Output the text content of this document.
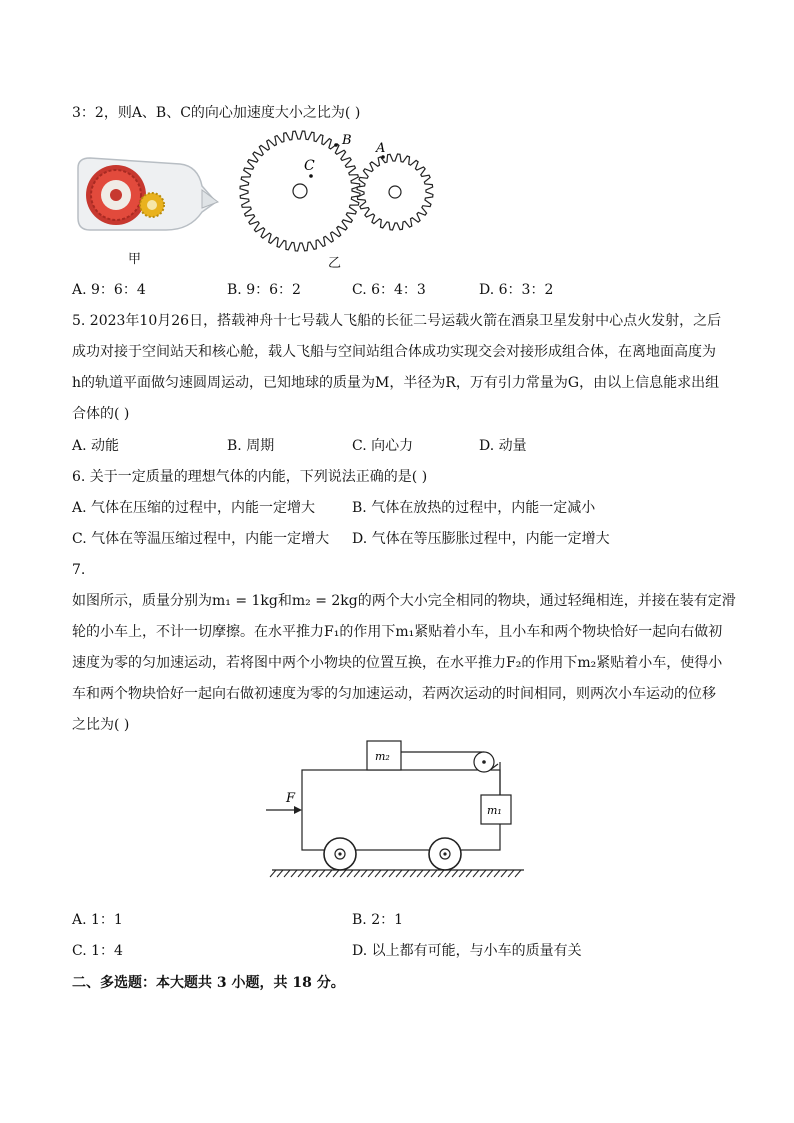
3：2，则A、B、C的向心加速度大小之比为( )
甲
C
B
A
乙
A. 9：6：4	B. 9：6：2	C. 6：4：3	D. 6：3：2
5. 2023年10月26日，搭载神舟十七号载人飞船的长征二号运载火箭在酒泉卫星发射中心点火发射，之后
成功对接于空间站天和核心舱，载人飞船与空间站组合体成功实现交会对接形成组合体，在离地面高度为
h的轨道平面做匀速圆周运动，已知地球的质量为M，半径为R，万有引力常量为G，由以上信息能求出组
合体的( )
A. 动能	B. 周期	C. 向心力	D. 动量
6. 关于一定质量的理想气体的内能，下列说法正确的是( )
A. 气体在压缩的过程中，内能一定增大	B. 气体在放热的过程中，内能一定减小
C. 气体在等温压缩过程中，内能一定增大 D. 气体在等压膨胀过程中，内能一定增大
7.
如图所示，质量分别为m₁ = 1kg和m₂ = 2kg的两个大小完全相同的物块，通过轻绳相连，并接在装有定滑
轮的小车上，不计一切摩擦。在水平推力F₁的作用下m₁紧贴着小车，且小车和两个物块恰好一起向右做初
速度为零的匀加速运动，若将图中两个小物块的位置互换，在水平推力F₂的作用下m₂紧贴着小车，使得小
车和两个物块恰好一起向右做初速度为零的匀加速运动，若两次运动的时间相同，则两次小车运动的位移
之比为( )
m₂
m₁
F
A. 1：1	B. 2：1
C. 1：4	D. 以上都有可能，与小车的质量有关
二、多选题：本大题共 3 小题，共 18 分。
